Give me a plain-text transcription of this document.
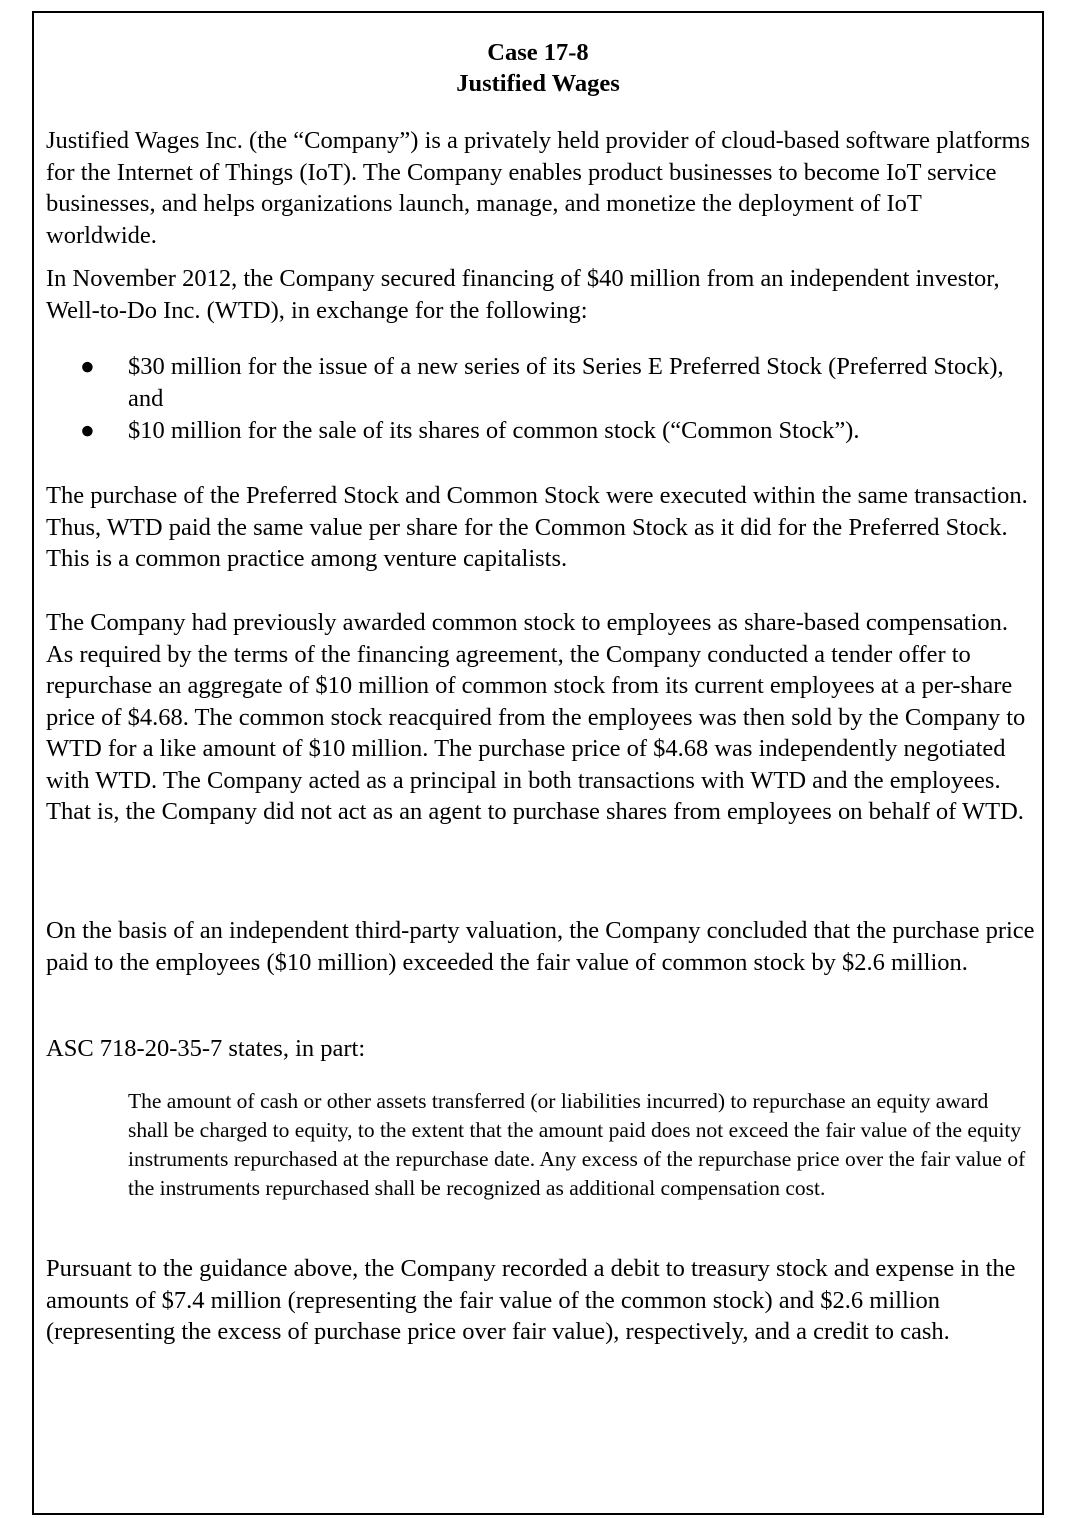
Case 17-8
Justified Wages
Justified Wages Inc. (the “Company”) is a privately held provider of cloud-based software platforms for the Internet of Things (IoT). The Company enables product businesses to become IoT service businesses, and helps organizations launch, manage, and monetize the deployment of IoT worldwide.
In November 2012, the Company secured financing of $40 million from an independent investor, Well-to-Do Inc. (WTD), in exchange for the following:
● $30 million for the issue of a new series of its Series E Preferred Stock (Preferred Stock), and
● $10 million for the sale of its shares of common stock (“Common Stock”).
The purchase of the Preferred Stock and Common Stock were executed within the same transaction. Thus, WTD paid the same value per share for the Common Stock as it did for the Preferred Stock. This is a common practice among venture capitalists.
The Company had previously awarded common stock to employees as share-based compensation. As required by the terms of the financing agreement, the Company conducted a tender offer to repurchase an aggregate of $10 million of common stock from its current employees at a per-share price of $4.68. The common stock reacquired from the employees was then sold by the Company to WTD for a like amount of $10 million. The purchase price of $4.68 was independently negotiated with WTD. The Company acted as a principal in both transactions with WTD and the employees. That is, the Company did not act as an agent to purchase shares from employees on behalf of WTD.
On the basis of an independent third-party valuation, the Company concluded that the purchase price paid to the employees ($10 million) exceeded the fair value of common stock by $2.6 million.
ASC 718-20-35-7 states, in part:
The amount of cash or other assets transferred (or liabilities incurred) to repurchase an equity award shall be charged to equity, to the extent that the amount paid does not exceed the fair value of the equity instruments repurchased at the repurchase date. Any excess of the repurchase price over the fair value of the instruments repurchased shall be recognized as additional compensation cost.
Pursuant to the guidance above, the Company recorded a debit to treasury stock and expense in the amounts of $7.4 million (representing the fair value of the common stock) and $2.6 million (representing the excess of purchase price over fair value), respectively, and a credit to cash.
